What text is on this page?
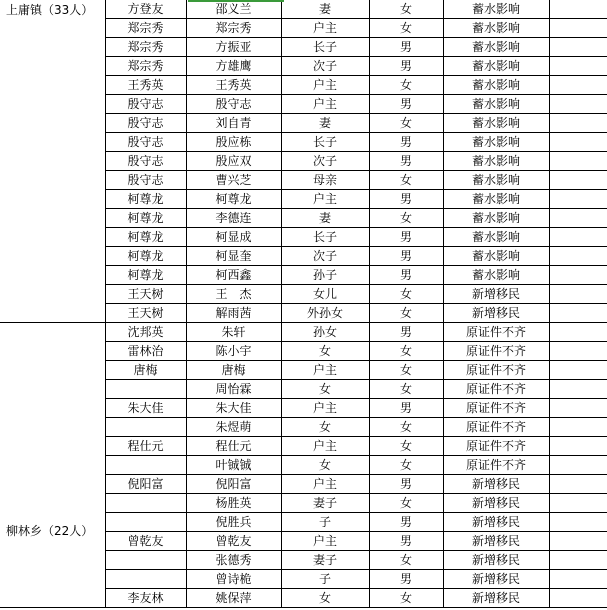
上庸镇（33人）	方登友	邵义兰	妻	女	蓄水影响	
	郑宗秀	郑宗秀	户主	女	蓄水影响	
	郑宗秀	方振亚	长子	男	蓄水影响	
	郑宗秀	方雄鹰	次子	男	蓄水影响	
	王秀英	王秀英	户主	女	蓄水影响	
	殷守志	殷守志	户主	男	蓄水影响	
	殷守志	刘自青	妻	女	蓄水影响	
	殷守志	殷应栋	长子	男	蓄水影响	
	殷守志	殷应双	次子	男	蓄水影响	
	殷守志	曹兴芝	母亲	女	蓄水影响	
	柯尊龙	柯尊龙	户主	男	蓄水影响	
	柯尊龙	李德连	妻	女	蓄水影响	
	柯尊龙	柯显成	长子	男	蓄水影响	
	柯尊龙	柯显奎	次子	男	蓄水影响	
	柯尊龙	柯西鑫	孙子	男	蓄水影响	
	王天树	王　杰	女儿	女	新增移民	
	王天树	解雨茜	外孙女	女	新增移民	

柳林乡（22人）	沈邦英	朱轩	孙女	男	原证件不齐	
	雷林治	陈小宇	女	女	原证件不齐	
	唐梅	唐梅	户主	女	原证件不齐	
		周怡霖	女	女	原证件不齐	
	朱大佳	朱大佳	户主	男	原证件不齐	
		朱煜萌	女	女	原证件不齐	
	程仕元	程仕元	户主	女	原证件不齐	
		叶铖铖	女	女	原证件不齐	
	倪阳富	倪阳富	户主	男	新增移民	
		杨胜英	妻子	女	新增移民	
		倪胜兵	子	男	新增移民	
	曾乾友	曾乾友	户主	男	新增移民	
		张德秀	妻子	女	新增移民	
		曾诗桅	子	男	新增移民	
	李友林	姚保萍	女	女	新增移民	
